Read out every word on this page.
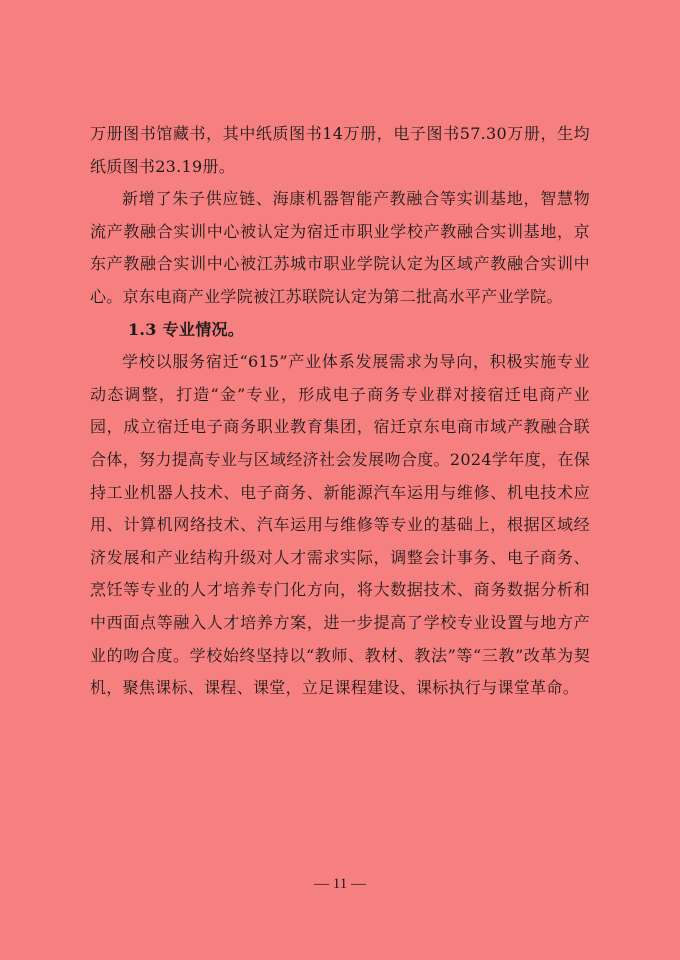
万册图书馆藏书，其中纸质图书14万册，电子图书57.30万册，生均纸质图书23.19册。

新增了朱子供应链、海康机器智能产教融合等实训基地，智慧物流产教融合实训中心被认定为宿迁市职业学校产教融合实训基地，京东产教融合实训中心被江苏城市职业学院认定为区域产教融合实训中心。京东电商产业学院被江苏联院认定为第二批高水平产业学院。

1.3 专业情况。

学校以服务宿迁“615”产业体系发展需求为导向，积极实施专业动态调整，打造“金”专业，形成电子商务专业群对接宿迁电商产业园，成立宿迁电子商务职业教育集团，宿迁京东电商市域产教融合联合体，努力提高专业与区域经济社会发展吻合度。2024学年度，在保持工业机器人技术、电子商务、新能源汽车运用与维修、机电技术应用、计算机网络技术、汽车运用与维修等专业的基础上，根据区域经济发展和产业结构升级对人才需求实际，调整会计事务、电子商务、烹饪等专业的人才培养专门化方向，将大数据技术、商务数据分析和中西面点等融入人才培养方案，进一步提高了学校专业设置与地方产业的吻合度。学校始终坚持以“教师、教材、教法”等“三教”改革为契机，聚焦课标、课程、课堂，立足课程建设、课标执行与课堂革命。

— 11 —
